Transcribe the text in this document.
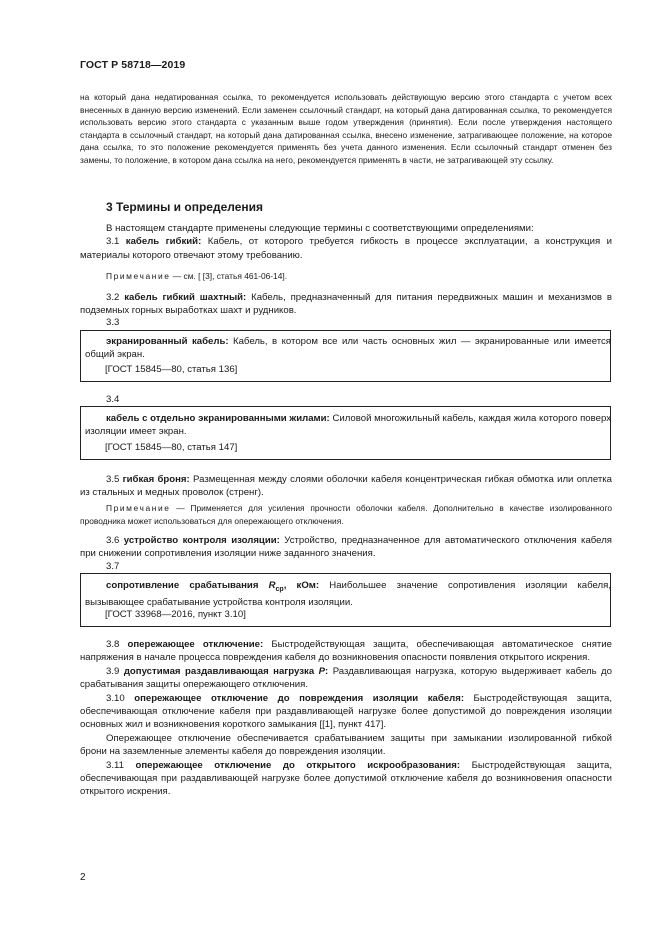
ГОСТ Р 58718—2019

на который дана недатированная ссылка, то рекомендуется использовать действующую версию этого стандарта с учетом всех внесенных в данную версию изменений. Если заменен ссылочный стандарт, на который дана датированная ссылка, то рекомендуется использовать версию этого стандарта с указанным выше годом утверждения (принятия). Если после утверждения настоящего стандарта в ссылочный стандарт, на который дана датированная ссылка, внесено изменение, затрагивающее положение, на которое дана ссылка, то это положение рекомендуется применять без учета данного изменения. Если ссылочный стандарт отменен без замены, то положение, в котором дана ссылка на него, рекомендуется применять в части, не затрагивающей эту ссылку.

3 Термины и определения

В настоящем стандарте применены следующие термины с соответствующими определениями:

3.1 кабель гибкий: Кабель, от которого требуется гибкость в процессе эксплуатации, а конструкция и материалы которого отвечают этому требованию.

Примечание — см. [ [3], статья 461-06-14].

3.2 кабель гибкий шахтный: Кабель, предназначенный для питания передвижных машин и механизмов в подземных горных выработках шахт и рудников.

3.3

экранированный кабель: Кабель, в котором все или часть основных жил — экранированные или имеется общий экран.

[ГОСТ 15845—80, статья 136]
3.4

кабель с отдельно экранированными жилами: Силовой многожильный кабель, каждая жила которого поверх изоляции имеет экран.

[ГОСТ 15845—80, статья 147]

3.5 гибкая броня: Размещенная между слоями оболочки кабеля концентрическая гибкая обмотка или оплетка из стальных и медных проволок (стренг).

Примечание — Применяется для усиления прочности оболочки кабеля. Дополнительно в качестве изолированного проводника может использоваться для опережающего отключения.

3.6 устройство контроля изоляции: Устройство, предназначенное для автоматического отключения кабеля при снижении сопротивления изоляции ниже заданного значения.

3.7

сопротивление срабатывания $R_{ср}$, кОм: Наибольшее значение сопротивления изоляции кабеля, вызывающее срабатывание устройства контроля изоляции.

[ГОСТ 33968—2016, пункт 3.10]

3.8 опережающее отключение: Быстродействующая защита, обеспечивающая автоматическое снятие напряжения в начале процесса повреждения кабеля до возникновения опасности появления открытого искрения.

3.9 допустимая раздавливающая нагрузка Р: Раздавливающая нагрузка, которую выдерживает кабель до срабатывания защиты опережающего отключения.

3.10 опережающее отключение до повреждения изоляции кабеля: Быстродействующая защита, обеспечивающая отключение кабеля при раздавливающей нагрузке более допустимой до повреждения изоляции основных жил и возникновения короткого замыкания [[1], пункт 417].

Опережающее отключение обеспечивается срабатыванием защиты при замыкании изолированной гибкой брони на заземленные элементы кабеля до повреждения изоляции.

3.11 опережающее отключение до открытого искрообразования: Быстродействующая защита, обеспечивающая при раздавливающей нагрузке более допустимой отключение кабеля до возникновения опасности открытого искрения.

2
